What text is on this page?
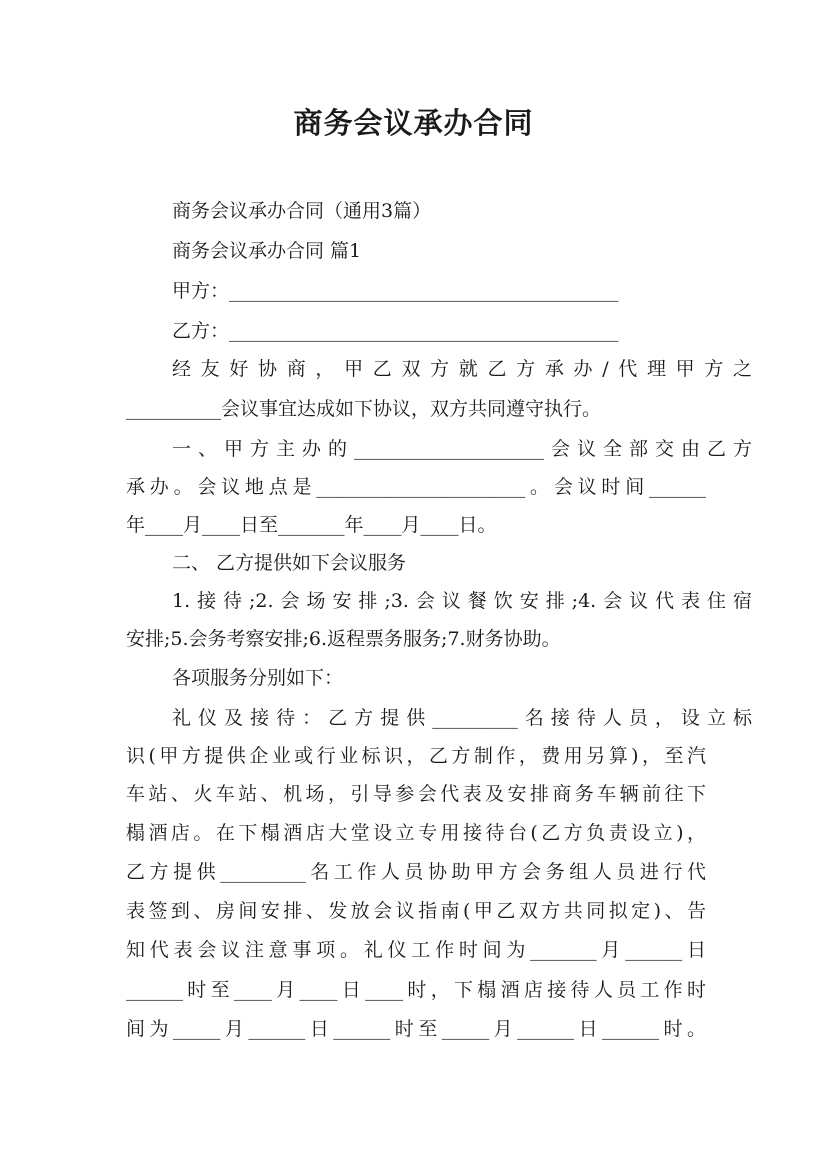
商务会议承办合同
商务会议承办合同（通用3篇）
商务会议承办合同 篇1
甲方：_________________________________________
乙方：_________________________________________
经友好协商，甲乙双方就乙方承办/代理甲方之
__________会议事宜达成如下协议，双方共同遵守执行。
一、甲方主办的____________________会议全部交由乙方
承办。会议地点是______________________。会议时间______
年____月____日至_______年____月____日。
二、 乙方提供如下会议服务
1.接待;2.会场安排;3.会议餐饮安排;4.会议代表住宿
安排;5.会务考察安排;6.返程票务服务;7.财务协助。
各项服务分别如下：
礼仪及接待：乙方提供_________名接待人员，设立标
识(甲方提供企业或行业标识，乙方制作，费用另算)，至汽
车站、火车站、机场，引导参会代表及安排商务车辆前往下
榻酒店。在下榻酒店大堂设立专用接待台(乙方负责设立)，
乙方提供_________名工作人员协助甲方会务组人员进行代
表签到、房间安排、发放会议指南(甲乙双方共同拟定)、告
知代表会议注意事项。礼仪工作时间为_______月______日
______时至____月____日____时，下榻酒店接待人员工作时
间为_____月______日______时至_____月______日______时。
